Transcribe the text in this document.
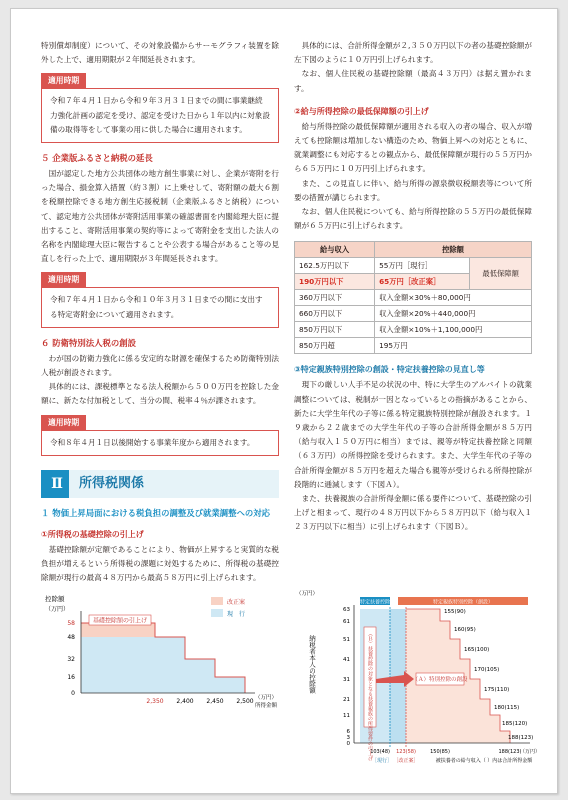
特別償却制度）について、その対象設備からサーモグラフィ装置を除外した上で、適用期限が２年間延長されます。

適用時期
令和７年４月１日から令和９年３月３１日までの間に事業継続力強化計画の認定を受け、認定を受けた日から１年以内に対象設備の取得等をして事業の用に供した場合に適用されます。
５ 企業版ふるさと納税の延長

国が認定した地方公共団体の地方創生事業に対し、企業が寄附を行った場合、損金算入措置（約３割）に上乗せして、寄附額の最大６割を税額控除できる地方創生応援税制（企業版ふるさと納税）について、認定地方公共団体が寄附活用事業の確認書面を内閣総理大臣に提出すること、寄附活用事業の契約等によって寄附金を支出した法人の名称を内閣総理大臣に報告することや公表する場合があること等の見直しを行った上で、適用期限が３年間延長されます。

適用時期
令和７年４月１日から令和１０年３月３１日までの間に支出する特定寄附金について適用されます。
６ 防衛特別法人税の創設

わが国の防衛力強化に係る安定的な財源を確保するため防衛特別法人税が創設されます。

具体的には、課税標準となる法人税額から５００万円を控除した金額に、新たな付加税として、当分の間、税率４％が課されます。

適用時期
令和８年４月１日以後開始する事業年度から適用されます。
Ⅱ	所得税関係
１ 物価上昇局面における税負担の調整及び就業調整への対応
①所得税の基礎控除の引上げ

基礎控除額が定額であることにより、物価が上昇すると実質的な税負担が増えるという所得税の課題に対処するために、所得税の基礎控除額が現行の最高４８万円から最高５８万円に引上げられます。

控除額
（万円）
基礎控除額の引上げ
58
48
32
16
0
2,350 2,400 2,450 2,500 （万円）
所得金額
改正案
現　行

具体的には、合計所得金額が２,３５０万円以下の者の基礎控除額が左下図のように１０万円引上げられます。

なお、個人住民税の基礎控除額（最高４３万円）は据え置かれます。

②給与所得控除の最低保障額の引上げ

給与所得控除の最低保障額が適用される収入の者の場合、収入が増えても控除額は増加しない構造のため、物価上昇への対応とともに、就業調整にも対応するとの観点から、最低保障額が現行の５５万円から６５万円に１０万円引上げられます。

また、この見直しに伴い、給与所得の源泉徴収税額表等について所要の措置が講じられます。

なお、個人住民税についても、給与所得控除の５５万円の最低保障額が６５万円に引上げられます。

給与収入	控除額	
162.5万円以下	55万円［現行］	最低保障額
190万円以下	65万円［改正案］	
360万円以下	収入金額×30%＋80,000円	
660万円以下	収入金額×20%＋440,000円	
850万円以下	収入金額×10%＋1,100,000円	
850万円超	195万円	
③特定親族特別控除の創設・特定扶養控除の見直し等

現下の厳しい人手不足の状況の中、特に大学生のアルバイトの就業調整については、税制が一因となっているとの指摘があることから、新たに大学生年代の子等に係る特定親族特別控除が創設されます。１９歳から２２歳までの大学生年代の子等の合計所得金額が８５万円（給与収入１５０万円に相当）までは、親等が特定扶養控除と同額（６３万円）の所得控除を受けられます。また、大学生年代の子等の合計所得金額が８５万円を超えた場合も親等が受けられる所得控除が段階的に逓減します（下図Ａ）。

また、扶養親族の合計所得金額に係る要件について、基礎控除の引上げと相まって、現行の４８万円以下から５８万円以下（給与収入１２３万円以下に相当）に引上げられます（下図Ｂ）。

（万円）
特定扶養控除	特定親族特別控除（創設）
63
61
51
41
31
21
11
6
3
0
納税者本人の控除額	（Ｂ）扶養控除の対象となる扶養親族の所得要件の引上げ	（Ａ）特別控除の創設
155(90)
160(95)
165(100)
170(105)
175(110)
180(115)
185(120)
188(123)
103(48) 123(58)	150(85)	188(123)
（万円）
［現行］ ［改正案］	被扶養者の給与収入（ ）内は合計所得金額
